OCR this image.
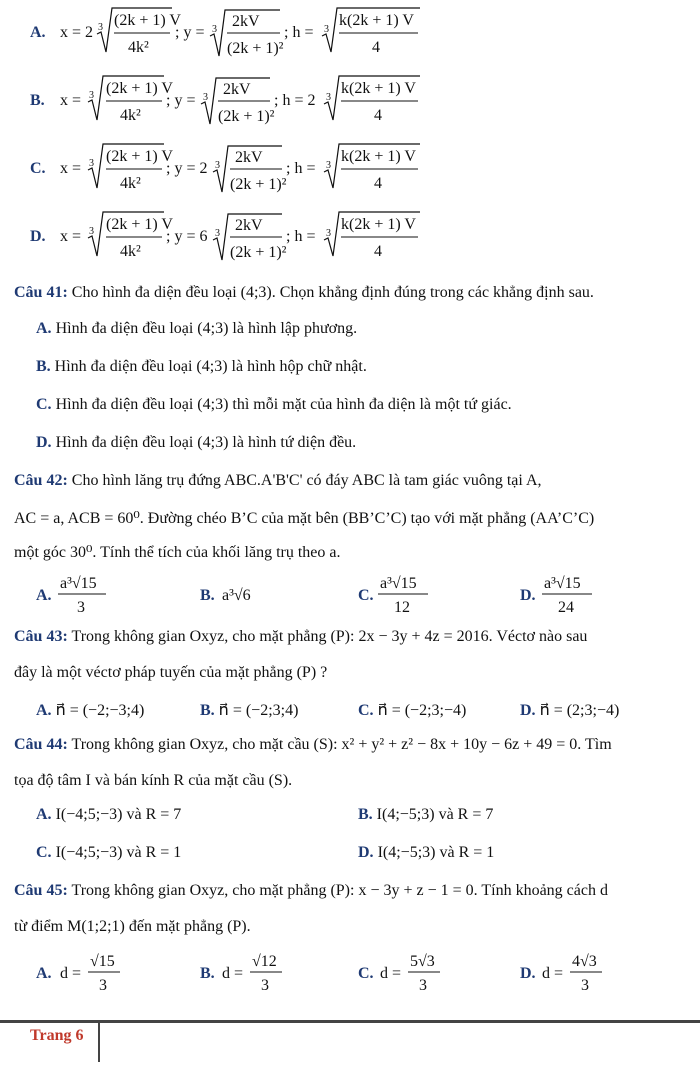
A. x = 2 3 (2k + 1) V
4k²
; y = 3 2kV
(2k + 1)²
; h = 3
k(2k + 1) V
4
B. x = 3 (2k + 1) V
4k²
; y = 3 2kV
(2k + 1)²
; h = 2 3
k(2k + 1) V
4
C. x = 3 (2k + 1) V
4k²
; y = 2 3 2kV
(2k + 1)²
; h = 3
k(2k + 1) V
4
D. x = 3 (2k + 1) V
4k²
; y = 6 3 2kV
(2k + 1)²
; h = 3
k(2k + 1) V
4
Câu 41: Cho hình đa diện đều loại (4;3). Chọn khẳng định đúng trong các khẳng định sau.
A. Hình đa diện đều loại (4;3) là hình lập phương.
B. Hình đa diện đều loại (4;3) là hình hộp chữ nhật.
C. Hình đa diện đều loại (4;3) thì mỗi mặt của hình đa diện là một tứ giác.
D. Hình đa diện đều loại (4;3) là hình tứ diện đều.
Câu 42: Cho hình lăng trụ đứng ABC.A'B'C' có đáy ABC là tam giác vuông tại A,
AC = a, ACB = 60⁰. Đường chéo B’C của mặt bên (BB’C’C) tạo với mặt phẳng (AA’C’C)
một góc 30⁰. Tính thể tích của khối lăng trụ theo a.
A.
a³√15
3
B. a³√6	C.
a³√15
12
D.
a³√15
24
Câu 43: Trong không gian Oxyz, cho mặt phẳng (P): 2x − 3y + 4z = 2016. Véctơ nào sau
đây là một véctơ pháp tuyến của mặt phẳng (P) ?
A. n⃗ = (−2;−3;4)	B. n⃗ = (−2;3;4)	C. n⃗ = (−2;3;−4)	D. n⃗ = (2;3;−4)
Câu 44: Trong không gian Oxyz, cho mặt cầu (S): x² + y² + z² − 8x + 10y − 6z + 49 = 0. Tìm
tọa độ tâm I và bán kính R của mặt cầu (S).
A. I(−4;5;−3) và R = 7	B. I(4;−5;3) và R = 7
C. I(−4;5;−3) và R = 1	D. I(4;−5;3) và R = 1
Câu 45: Trong không gian Oxyz, cho mặt phẳng (P): x − 3y + z − 1 = 0. Tính khoảng cách d
từ điểm M(1;2;1) đến mặt phẳng (P).
A. d =
√15
3
B. d =
√12
3
C. d =
5√3
3
D. d =
4√3
3
Trang 6
